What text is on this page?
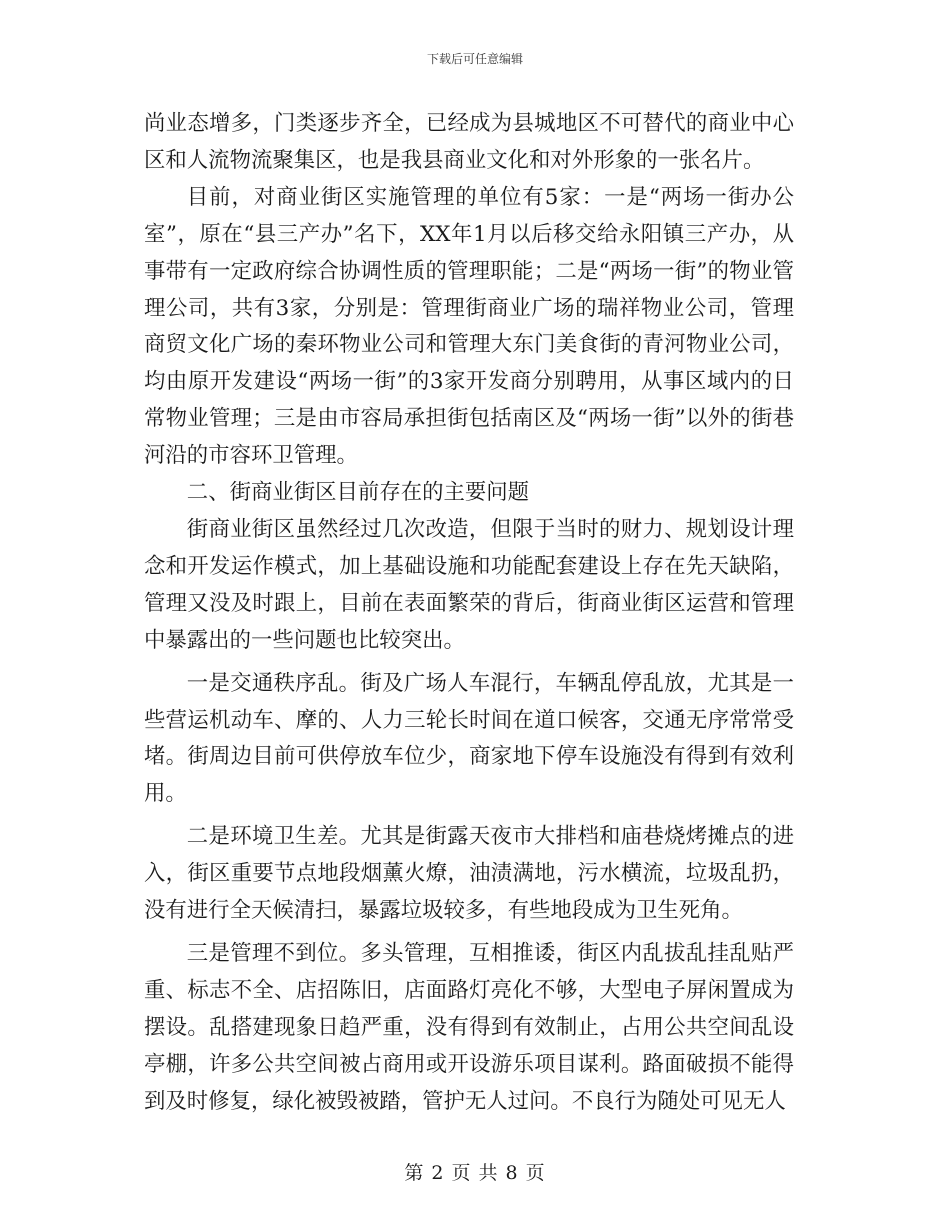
下载后可任意编辑

尚业态增多，门类逐步齐全，已经成为县城地区不可替代的商业中心区和人流物流聚集区，也是我县商业文化和对外形象的一张名片。

目前，对商业街区实施管理的单位有5家：一是“两场一街办公室”，原在“县三产办”名下，XX年1月以后移交给永阳镇三产办，从事带有一定政府综合协调性质的管理职能；二是“两场一街”的物业管理公司，共有3家，分别是：管理街商业广场的瑞祥物业公司，管理商贸文化广场的秦环物业公司和管理大东门美食街的青河物业公司，均由原开发建设“两场一街”的3家开发商分别聘用，从事区域内的日常物业管理；三是由市容局承担街包括南区及“两场一街”以外的街巷河沿的市容环卫管理。

二、街商业街区目前存在的主要问题

街商业街区虽然经过几次改造，但限于当时的财力、规划设计理念和开发运作模式，加上基础设施和功能配套建设上存在先天缺陷，管理又没及时跟上，目前在表面繁荣的背后，街商业街区运营和管理中暴露出的一些问题也比较突出。

一是交通秩序乱。街及广场人车混行，车辆乱停乱放，尤其是一些营运机动车、摩的、人力三轮长时间在道口候客，交通无序常常受堵。街周边目前可供停放车位少，商家地下停车设施没有得到有效利用。

二是环境卫生差。尤其是街露天夜市大排档和庙巷烧烤摊点的进入，街区重要节点地段烟薰火燎，油渍满地，污水横流，垃圾乱扔，没有进行全天候清扫，暴露垃圾较多，有些地段成为卫生死角。

三是管理不到位。多头管理，互相推诿，街区内乱拔乱挂乱贴严重、标志不全、店招陈旧，店面路灯亮化不够，大型电子屏闲置成为摆设。乱搭建现象日趋严重，没有得到有效制止，占用公共空间乱设亭棚，许多公共空间被占商用或开设游乐项目谋利。路面破损不能得到及时修复，绿化被毁被踏，管护无人过问。不良行为随处可见无人

第 2 页 共 8 页
